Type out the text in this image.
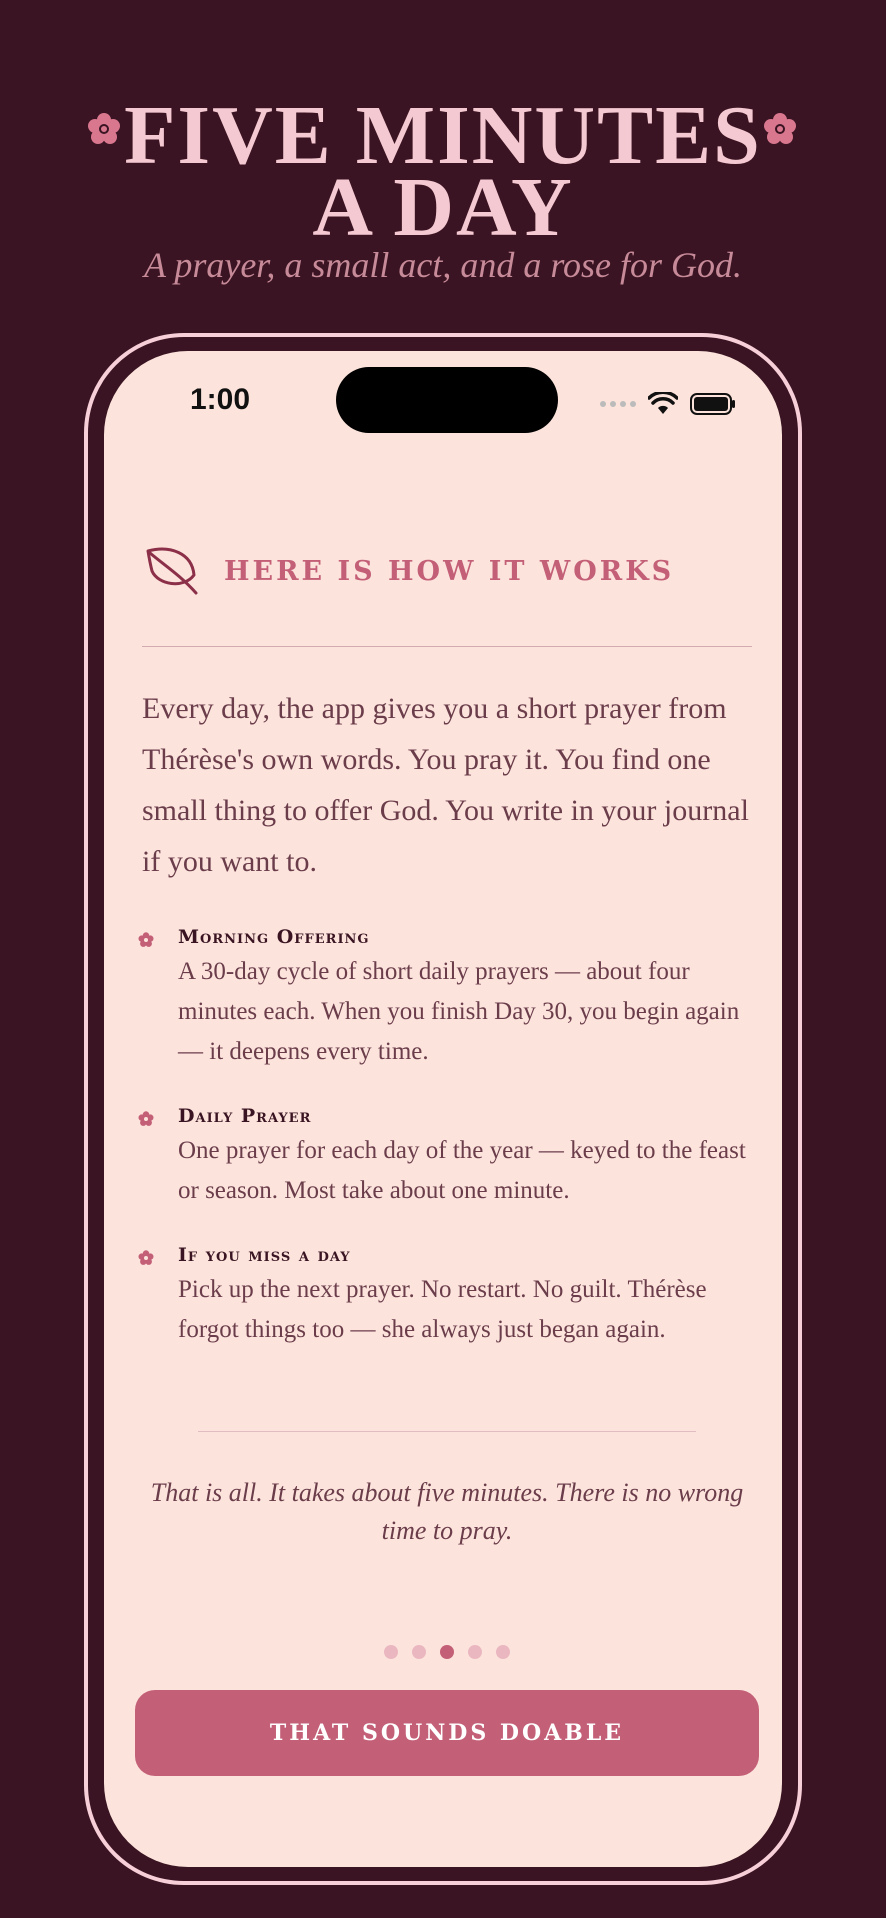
FIVE MINUTES
A DAY
A prayer, a small act, and a rose for God.
1:00
HERE IS HOW IT WORKS

Every day, the app gives you a short prayer from Thérèse's own words. You pray it. You find one small thing to offer God. You write in your journal if you want to.

Morning Offering
A 30-day cycle of short daily prayers — about four minutes each. When you finish Day 30, you begin again — it deepens every time.
Daily Prayer
One prayer for each day of the year — keyed to the feast or season. Most take about one minute.
If you miss a day
Pick up the next prayer. No restart. No guilt. Thérèse forgot things too — she always just began again.
That is all. It takes about five minutes. There is no wrong time to pray.
THAT SOUNDS DOABLE
